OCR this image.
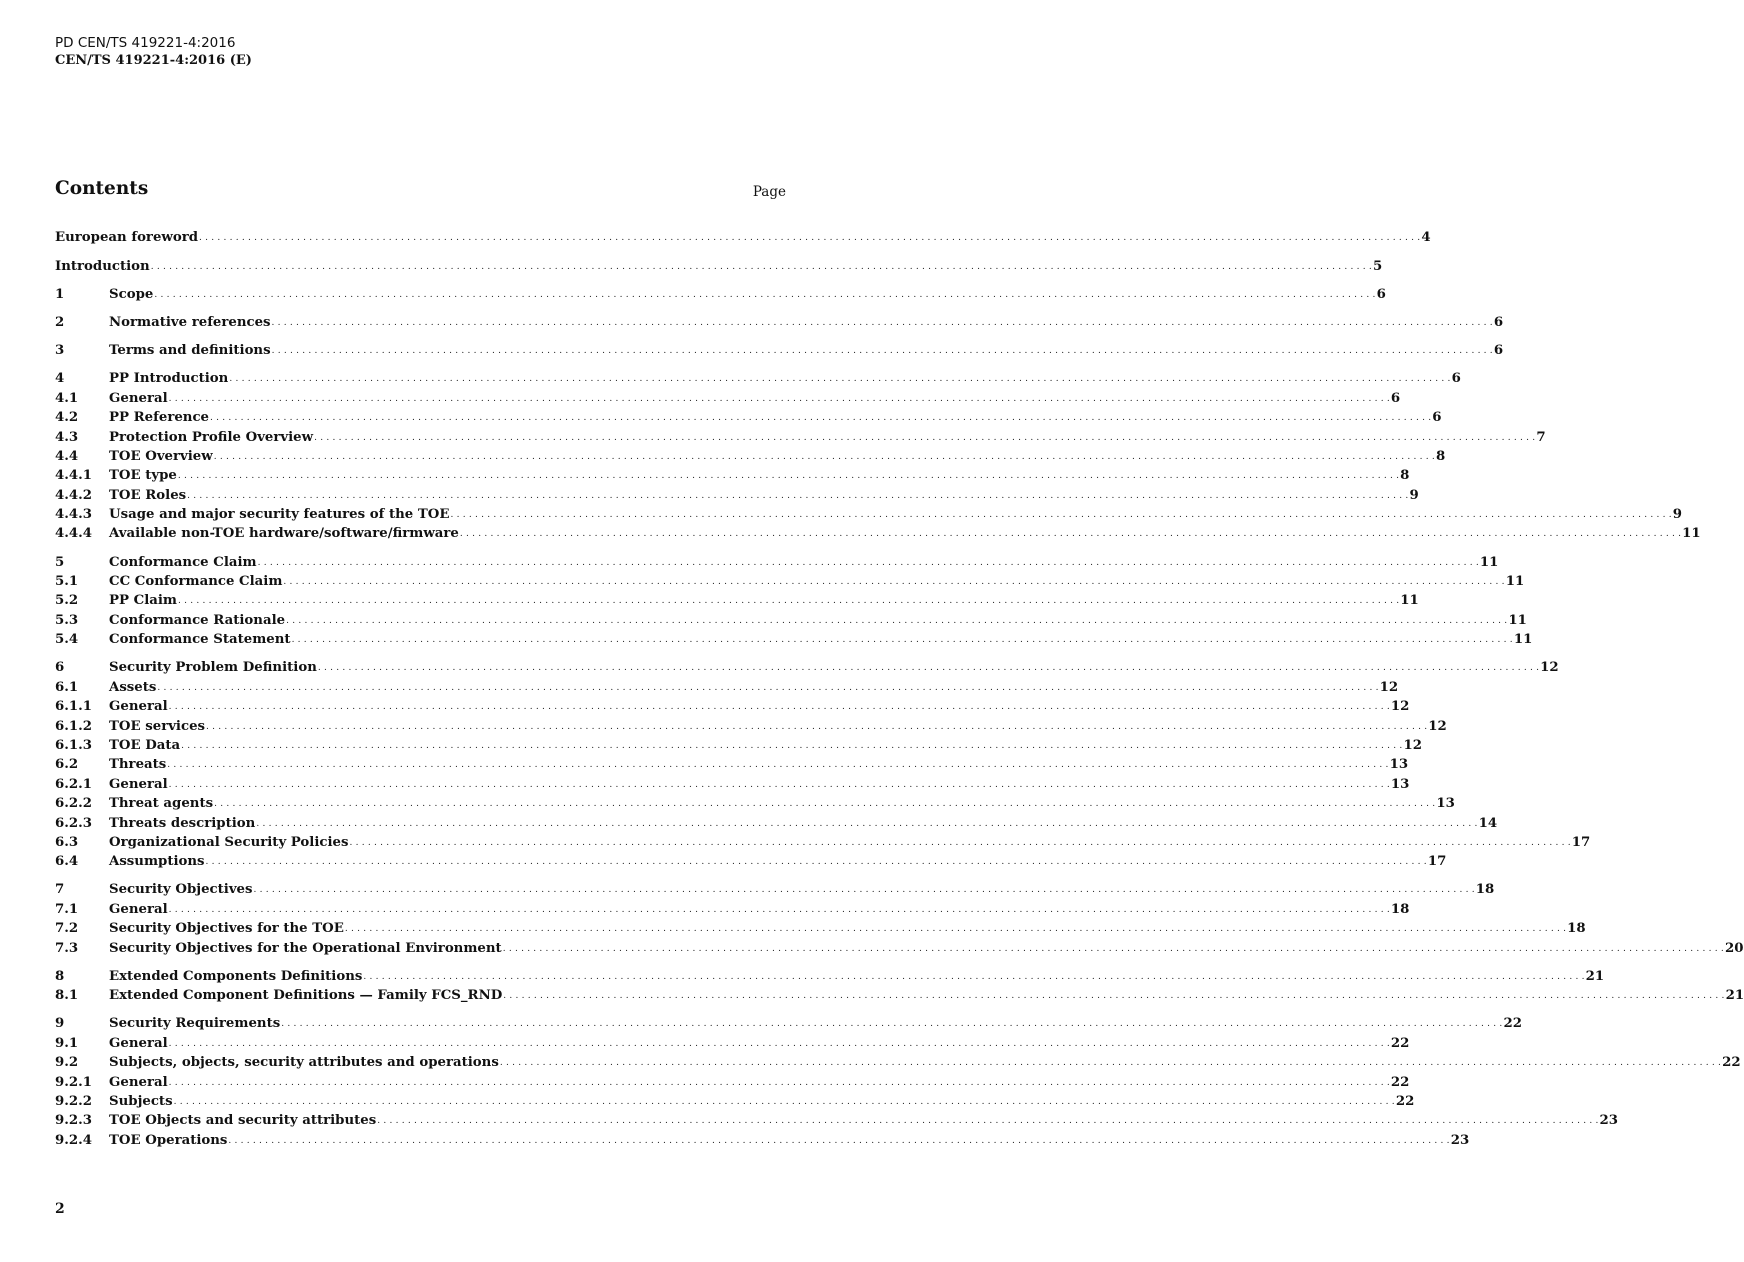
PD CEN/TS 419221-4:2016
CEN/TS 419221-4:2016 (E)
Contents	Page
European foreword . . . . . . . . . . . . . . . . . . . . . . . . . . . . . . . . . . . . . . . . . . . . . . . . . . . . . . . . . . . . . . . . . . . . . . . . . . . . . . . . . . . . . . . . . . . . . . . . . . . . . . . . . . . . . . . . . . . . . . . . . . . . . . . . . . . . . . . . . . . . . . . . . . . . . . . . . . . . . . . . . . . . . . . . . . . . . . . . . . . . . . . . . . . . . . . . . . . . . . . . 4
Introduction . . . . . . . . . . . . . . . . . . . . . . . . . . . . . . . . . . . . . . . . . . . . . . . . . . . . . . . . . . . . . . . . . . . . . . . . . . . . . . . . . . . . . . . . . . . . . . . . . . . . . . . . . . . . . . . . . . . . . . . . . . . . . . . . . . . . . . . . . . . . . . . . . . . . . . . . . . . . . . . . . . . . . . . . . . . . . . . . . . . . . . . . . . . . . . . . . . . . . . . . 5
1	Scope . . . . . . . . . . . . . . . . . . . . . . . . . . . . . . . . . . . . . . . . . . . . . . . . . . . . . . . . . . . . . . . . . . . . . . . . . . . . . . . . . . . . . . . . . . . . . . . . . . . . . . . . . . . . . . . . . . . . . . . . . . . . . . . . . . . . . . . . . . . . . . . . . . . . . . . . . . . . . . . . . . . . . . . . . . . . . . . . . . . . . . . . . . . . . . . . . . . . . . . . 6
2	Normative references . . . . . . . . . . . . . . . . . . . . . . . . . . . . . . . . . . . . . . . . . . . . . . . . . . . . . . . . . . . . . . . . . . . . . . . . . . . . . . . . . . . . . . . . . . . . . . . . . . . . . . . . . . . . . . . . . . . . . . . . . . . . . . . . . . . . . . . . . . . . . . . . . . . . . . . . . . . . . . . . . . . . . . . . . . . . . . . . . . . . . . . . . . . . . . . . . . . . . . . . 6
3	Terms and definitions . . . . . . . . . . . . . . . . . . . . . . . . . . . . . . . . . . . . . . . . . . . . . . . . . . . . . . . . . . . . . . . . . . . . . . . . . . . . . . . . . . . . . . . . . . . . . . . . . . . . . . . . . . . . . . . . . . . . . . . . . . . . . . . . . . . . . . . . . . . . . . . . . . . . . . . . . . . . . . . . . . . . . . . . . . . . . . . . . . . . . . . . . . . . . . . . . . . . . . . . 6
4	PP Introduction . . . . . . . . . . . . . . . . . . . . . . . . . . . . . . . . . . . . . . . . . . . . . . . . . . . . . . . . . . . . . . . . . . . . . . . . . . . . . . . . . . . . . . . . . . . . . . . . . . . . . . . . . . . . . . . . . . . . . . . . . . . . . . . . . . . . . . . . . . . . . . . . . . . . . . . . . . . . . . . . . . . . . . . . . . . . . . . . . . . . . . . . . . . . . . . . . . . . . . . . 6
4.1	General . . . . . . . . . . . . . . . . . . . . . . . . . . . . . . . . . . . . . . . . . . . . . . . . . . . . . . . . . . . . . . . . . . . . . . . . . . . . . . . . . . . . . . . . . . . . . . . . . . . . . . . . . . . . . . . . . . . . . . . . . . . . . . . . . . . . . . . . . . . . . . . . . . . . . . . . . . . . . . . . . . . . . . . . . . . . . . . . . . . . . . . . . . . . . . . . . . . . . . . . 6
4.2	PP Reference . . . . . . . . . . . . . . . . . . . . . . . . . . . . . . . . . . . . . . . . . . . . . . . . . . . . . . . . . . . . . . . . . . . . . . . . . . . . . . . . . . . . . . . . . . . . . . . . . . . . . . . . . . . . . . . . . . . . . . . . . . . . . . . . . . . . . . . . . . . . . . . . . . . . . . . . . . . . . . . . . . . . . . . . . . . . . . . . . . . . . . . . . . . . . . . . . . . . . . . . 6
4.3	Protection Profile Overview . . . . . . . . . . . . . . . . . . . . . . . . . . . . . . . . . . . . . . . . . . . . . . . . . . . . . . . . . . . . . . . . . . . . . . . . . . . . . . . . . . . . . . . . . . . . . . . . . . . . . . . . . . . . . . . . . . . . . . . . . . . . . . . . . . . . . . . . . . . . . . . . . . . . . . . . . . . . . . . . . . . . . . . . . . . . . . . . . . . . . . . . . . . . . . . . . . . . . . . . 7
4.4	TOE Overview . . . . . . . . . . . . . . . . . . . . . . . . . . . . . . . . . . . . . . . . . . . . . . . . . . . . . . . . . . . . . . . . . . . . . . . . . . . . . . . . . . . . . . . . . . . . . . . . . . . . . . . . . . . . . . . . . . . . . . . . . . . . . . . . . . . . . . . . . . . . . . . . . . . . . . . . . . . . . . . . . . . . . . . . . . . . . . . . . . . . . . . . . . . . . . . . . . . . . . . . 8
4.4.1	TOE type . . . . . . . . . . . . . . . . . . . . . . . . . . . . . . . . . . . . . . . . . . . . . . . . . . . . . . . . . . . . . . . . . . . . . . . . . . . . . . . . . . . . . . . . . . . . . . . . . . . . . . . . . . . . . . . . . . . . . . . . . . . . . . . . . . . . . . . . . . . . . . . . . . . . . . . . . . . . . . . . . . . . . . . . . . . . . . . . . . . . . . . . . . . . . . . . . . . . . . . . 8
4.4.2	TOE Roles . . . . . . . . . . . . . . . . . . . . . . . . . . . . . . . . . . . . . . . . . . . . . . . . . . . . . . . . . . . . . . . . . . . . . . . . . . . . . . . . . . . . . . . . . . . . . . . . . . . . . . . . . . . . . . . . . . . . . . . . . . . . . . . . . . . . . . . . . . . . . . . . . . . . . . . . . . . . . . . . . . . . . . . . . . . . . . . . . . . . . . . . . . . . . . . . . . . . . . . . 9
4.4.3	Usage and major security features of the TOE . . . . . . . . . . . . . . . . . . . . . . . . . . . . . . . . . . . . . . . . . . . . . . . . . . . . . . . . . . . . . . . . . . . . . . . . . . . . . . . . . . . . . . . . . . . . . . . . . . . . . . . . . . . . . . . . . . . . . . . . . . . . . . . . . . . . . . . . . . . . . . . . . . . . . . . . . . . . . . . . . . . . . . . . . . . . . . . . . . . . . . . . . . . . . . . . . . . . . . . . 9
4.4.4	Available non-TOE hardware/software/firmware . . . . . . . . . . . . . . . . . . . . . . . . . . . . . . . . . . . . . . . . . . . . . . . . . . . . . . . . . . . . . . . . . . . . . . . . . . . . . . . . . . . . . . . . . . . . . . . . . . . . . . . . . . . . . . . . . . . . . . . . . . . . . . . . . . . . . . . . . . . . . . . . . . . . . . . . . . . . . . . . . . . . . . . . . . . . . . . . . . . . . . . . . . . . . . . . . . . . . . . . 11
5	Conformance Claim . . . . . . . . . . . . . . . . . . . . . . . . . . . . . . . . . . . . . . . . . . . . . . . . . . . . . . . . . . . . . . . . . . . . . . . . . . . . . . . . . . . . . . . . . . . . . . . . . . . . . . . . . . . . . . . . . . . . . . . . . . . . . . . . . . . . . . . . . . . . . . . . . . . . . . . . . . . . . . . . . . . . . . . . . . . . . . . . . . . . . . . . . . . . . . . . . . . . . . . . 11
5.1	CC Conformance Claim . . . . . . . . . . . . . . . . . . . . . . . . . . . . . . . . . . . . . . . . . . . . . . . . . . . . . . . . . . . . . . . . . . . . . . . . . . . . . . . . . . . . . . . . . . . . . . . . . . . . . . . . . . . . . . . . . . . . . . . . . . . . . . . . . . . . . . . . . . . . . . . . . . . . . . . . . . . . . . . . . . . . . . . . . . . . . . . . . . . . . . . . . . . . . . . . . . . . . . . . 11
5.2	PP Claim . . . . . . . . . . . . . . . . . . . . . . . . . . . . . . . . . . . . . . . . . . . . . . . . . . . . . . . . . . . . . . . . . . . . . . . . . . . . . . . . . . . . . . . . . . . . . . . . . . . . . . . . . . . . . . . . . . . . . . . . . . . . . . . . . . . . . . . . . . . . . . . . . . . . . . . . . . . . . . . . . . . . . . . . . . . . . . . . . . . . . . . . . . . . . . . . . . . . . . . . 11
5.3	Conformance Rationale . . . . . . . . . . . . . . . . . . . . . . . . . . . . . . . . . . . . . . . . . . . . . . . . . . . . . . . . . . . . . . . . . . . . . . . . . . . . . . . . . . . . . . . . . . . . . . . . . . . . . . . . . . . . . . . . . . . . . . . . . . . . . . . . . . . . . . . . . . . . . . . . . . . . . . . . . . . . . . . . . . . . . . . . . . . . . . . . . . . . . . . . . . . . . . . . . . . . . . . . 11
5.4	Conformance Statement . . . . . . . . . . . . . . . . . . . . . . . . . . . . . . . . . . . . . . . . . . . . . . . . . . . . . . . . . . . . . . . . . . . . . . . . . . . . . . . . . . . . . . . . . . . . . . . . . . . . . . . . . . . . . . . . . . . . . . . . . . . . . . . . . . . . . . . . . . . . . . . . . . . . . . . . . . . . . . . . . . . . . . . . . . . . . . . . . . . . . . . . . . . . . . . . . . . . . . . . 11
6	Security Problem Definition . . . . . . . . . . . . . . . . . . . . . . . . . . . . . . . . . . . . . . . . . . . . . . . . . . . . . . . . . . . . . . . . . . . . . . . . . . . . . . . . . . . . . . . . . . . . . . . . . . . . . . . . . . . . . . . . . . . . . . . . . . . . . . . . . . . . . . . . . . . . . . . . . . . . . . . . . . . . . . . . . . . . . . . . . . . . . . . . . . . . . . . . . . . . . . . . . . . . . . . . 12
6.1	Assets . . . . . . . . . . . . . . . . . . . . . . . . . . . . . . . . . . . . . . . . . . . . . . . . . . . . . . . . . . . . . . . . . . . . . . . . . . . . . . . . . . . . . . . . . . . . . . . . . . . . . . . . . . . . . . . . . . . . . . . . . . . . . . . . . . . . . . . . . . . . . . . . . . . . . . . . . . . . . . . . . . . . . . . . . . . . . . . . . . . . . . . . . . . . . . . . . . . . . . . . 12
6.1.1	General . . . . . . . . . . . . . . . . . . . . . . . . . . . . . . . . . . . . . . . . . . . . . . . . . . . . . . . . . . . . . . . . . . . . . . . . . . . . . . . . . . . . . . . . . . . . . . . . . . . . . . . . . . . . . . . . . . . . . . . . . . . . . . . . . . . . . . . . . . . . . . . . . . . . . . . . . . . . . . . . . . . . . . . . . . . . . . . . . . . . . . . . . . . . . . . . . . . . . . . . 12
6.1.2	TOE services . . . . . . . . . . . . . . . . . . . . . . . . . . . . . . . . . . . . . . . . . . . . . . . . . . . . . . . . . . . . . . . . . . . . . . . . . . . . . . . . . . . . . . . . . . . . . . . . . . . . . . . . . . . . . . . . . . . . . . . . . . . . . . . . . . . . . . . . . . . . . . . . . . . . . . . . . . . . . . . . . . . . . . . . . . . . . . . . . . . . . . . . . . . . . . . . . . . . . . . . 12
6.1.3	TOE Data . . . . . . . . . . . . . . . . . . . . . . . . . . . . . . . . . . . . . . . . . . . . . . . . . . . . . . . . . . . . . . . . . . . . . . . . . . . . . . . . . . . . . . . . . . . . . . . . . . . . . . . . . . . . . . . . . . . . . . . . . . . . . . . . . . . . . . . . . . . . . . . . . . . . . . . . . . . . . . . . . . . . . . . . . . . . . . . . . . . . . . . . . . . . . . . . . . . . . . . . 12
6.2	Threats . . . . . . . . . . . . . . . . . . . . . . . . . . . . . . . . . . . . . . . . . . . . . . . . . . . . . . . . . . . . . . . . . . . . . . . . . . . . . . . . . . . . . . . . . . . . . . . . . . . . . . . . . . . . . . . . . . . . . . . . . . . . . . . . . . . . . . . . . . . . . . . . . . . . . . . . . . . . . . . . . . . . . . . . . . . . . . . . . . . . . . . . . . . . . . . . . . . . . . . . 13
6.2.1	General . . . . . . . . . . . . . . . . . . . . . . . . . . . . . . . . . . . . . . . . . . . . . . . . . . . . . . . . . . . . . . . . . . . . . . . . . . . . . . . . . . . . . . . . . . . . . . . . . . . . . . . . . . . . . . . . . . . . . . . . . . . . . . . . . . . . . . . . . . . . . . . . . . . . . . . . . . . . . . . . . . . . . . . . . . . . . . . . . . . . . . . . . . . . . . . . . . . . . . . . 13
6.2.2	Threat agents . . . . . . . . . . . . . . . . . . . . . . . . . . . . . . . . . . . . . . . . . . . . . . . . . . . . . . . . . . . . . . . . . . . . . . . . . . . . . . . . . . . . . . . . . . . . . . . . . . . . . . . . . . . . . . . . . . . . . . . . . . . . . . . . . . . . . . . . . . . . . . . . . . . . . . . . . . . . . . . . . . . . . . . . . . . . . . . . . . . . . . . . . . . . . . . . . . . . . . . . 13
6.2.3	Threats description . . . . . . . . . . . . . . . . . . . . . . . . . . . . . . . . . . . . . . . . . . . . . . . . . . . . . . . . . . . . . . . . . . . . . . . . . . . . . . . . . . . . . . . . . . . . . . . . . . . . . . . . . . . . . . . . . . . . . . . . . . . . . . . . . . . . . . . . . . . . . . . . . . . . . . . . . . . . . . . . . . . . . . . . . . . . . . . . . . . . . . . . . . . . . . . . . . . . . . . . 14
6.3	Organizational Security Policies . . . . . . . . . . . . . . . . . . . . . . . . . . . . . . . . . . . . . . . . . . . . . . . . . . . . . . . . . . . . . . . . . . . . . . . . . . . . . . . . . . . . . . . . . . . . . . . . . . . . . . . . . . . . . . . . . . . . . . . . . . . . . . . . . . . . . . . . . . . . . . . . . . . . . . . . . . . . . . . . . . . . . . . . . . . . . . . . . . . . . . . . . . . . . . . . . . . . . . . . 17
6.4	Assumptions . . . . . . . . . . . . . . . . . . . . . . . . . . . . . . . . . . . . . . . . . . . . . . . . . . . . . . . . . . . . . . . . . . . . . . . . . . . . . . . . . . . . . . . . . . . . . . . . . . . . . . . . . . . . . . . . . . . . . . . . . . . . . . . . . . . . . . . . . . . . . . . . . . . . . . . . . . . . . . . . . . . . . . . . . . . . . . . . . . . . . . . . . . . . . . . . . . . . . . . . 17
7	Security Objectives . . . . . . . . . . . . . . . . . . . . . . . . . . . . . . . . . . . . . . . . . . . . . . . . . . . . . . . . . . . . . . . . . . . . . . . . . . . . . . . . . . . . . . . . . . . . . . . . . . . . . . . . . . . . . . . . . . . . . . . . . . . . . . . . . . . . . . . . . . . . . . . . . . . . . . . . . . . . . . . . . . . . . . . . . . . . . . . . . . . . . . . . . . . . . . . . . . . . . . . . 18
7.1	General . . . . . . . . . . . . . . . . . . . . . . . . . . . . . . . . . . . . . . . . . . . . . . . . . . . . . . . . . . . . . . . . . . . . . . . . . . . . . . . . . . . . . . . . . . . . . . . . . . . . . . . . . . . . . . . . . . . . . . . . . . . . . . . . . . . . . . . . . . . . . . . . . . . . . . . . . . . . . . . . . . . . . . . . . . . . . . . . . . . . . . . . . . . . . . . . . . . . . . . . 18
7.2	Security Objectives for the TOE . . . . . . . . . . . . . . . . . . . . . . . . . . . . . . . . . . . . . . . . . . . . . . . . . . . . . . . . . . . . . . . . . . . . . . . . . . . . . . . . . . . . . . . . . . . . . . . . . . . . . . . . . . . . . . . . . . . . . . . . . . . . . . . . . . . . . . . . . . . . . . . . . . . . . . . . . . . . . . . . . . . . . . . . . . . . . . . . . . . . . . . . . . . . . . . . . . . . . . . . 18
7.3	Security Objectives for the Operational Environment . . . . . . . . . . . . . . . . . . . . . . . . . . . . . . . . . . . . . . . . . . . . . . . . . . . . . . . . . . . . . . . . . . . . . . . . . . . . . . . . . . . . . . . . . . . . . . . . . . . . . . . . . . . . . . . . . . . . . . . . . . . . . . . . . . . . . . . . . . . . . . . . . . . . . . . . . . . . . . . . . . . . . . . . . . . . . . . . . . . . . . . . . . . . . . . . . . . . . . . . 20
8	Extended Components Definitions . . . . . . . . . . . . . . . . . . . . . . . . . . . . . . . . . . . . . . . . . . . . . . . . . . . . . . . . . . . . . . . . . . . . . . . . . . . . . . . . . . . . . . . . . . . . . . . . . . . . . . . . . . . . . . . . . . . . . . . . . . . . . . . . . . . . . . . . . . . . . . . . . . . . . . . . . . . . . . . . . . . . . . . . . . . . . . . . . . . . . . . . . . . . . . . . . . . . . . . . 21
8.1	Extended Component Definitions — Family FCS_RND . . . . . . . . . . . . . . . . . . . . . . . . . . . . . . . . . . . . . . . . . . . . . . . . . . . . . . . . . . . . . . . . . . . . . . . . . . . . . . . . . . . . . . . . . . . . . . . . . . . . . . . . . . . . . . . . . . . . . . . . . . . . . . . . . . . . . . . . . . . . . . . . . . . . . . . . . . . . . . . . . . . . . . . . . . . . . . . . . . . . . . . . . . . . . . . . . . . . . . . . 21
9	Security Requirements . . . . . . . . . . . . . . . . . . . . . . . . . . . . . . . . . . . . . . . . . . . . . . . . . . . . . . . . . . . . . . . . . . . . . . . . . . . . . . . . . . . . . . . . . . . . . . . . . . . . . . . . . . . . . . . . . . . . . . . . . . . . . . . . . . . . . . . . . . . . . . . . . . . . . . . . . . . . . . . . . . . . . . . . . . . . . . . . . . . . . . . . . . . . . . . . . . . . . . . . 22
9.1	General . . . . . . . . . . . . . . . . . . . . . . . . . . . . . . . . . . . . . . . . . . . . . . . . . . . . . . . . . . . . . . . . . . . . . . . . . . . . . . . . . . . . . . . . . . . . . . . . . . . . . . . . . . . . . . . . . . . . . . . . . . . . . . . . . . . . . . . . . . . . . . . . . . . . . . . . . . . . . . . . . . . . . . . . . . . . . . . . . . . . . . . . . . . . . . . . . . . . . . . . 22
9.2	Subjects, objects, security attributes and operations . . . . . . . . . . . . . . . . . . . . . . . . . . . . . . . . . . . . . . . . . . . . . . . . . . . . . . . . . . . . . . . . . . . . . . . . . . . . . . . . . . . . . . . . . . . . . . . . . . . . . . . . . . . . . . . . . . . . . . . . . . . . . . . . . . . . . . . . . . . . . . . . . . . . . . . . . . . . . . . . . . . . . . . . . . . . . . . . . . . . . . . . . . . . . . . . . . . . . . . . 22
9.2.1	General . . . . . . . . . . . . . . . . . . . . . . . . . . . . . . . . . . . . . . . . . . . . . . . . . . . . . . . . . . . . . . . . . . . . . . . . . . . . . . . . . . . . . . . . . . . . . . . . . . . . . . . . . . . . . . . . . . . . . . . . . . . . . . . . . . . . . . . . . . . . . . . . . . . . . . . . . . . . . . . . . . . . . . . . . . . . . . . . . . . . . . . . . . . . . . . . . . . . . . . . 22
9.2.2	Subjects . . . . . . . . . . . . . . . . . . . . . . . . . . . . . . . . . . . . . . . . . . . . . . . . . . . . . . . . . . . . . . . . . . . . . . . . . . . . . . . . . . . . . . . . . . . . . . . . . . . . . . . . . . . . . . . . . . . . . . . . . . . . . . . . . . . . . . . . . . . . . . . . . . . . . . . . . . . . . . . . . . . . . . . . . . . . . . . . . . . . . . . . . . . . . . . . . . . . . . . . 22
9.2.3	TOE Objects and security attributes . . . . . . . . . . . . . . . . . . . . . . . . . . . . . . . . . . . . . . . . . . . . . . . . . . . . . . . . . . . . . . . . . . . . . . . . . . . . . . . . . . . . . . . . . . . . . . . . . . . . . . . . . . . . . . . . . . . . . . . . . . . . . . . . . . . . . . . . . . . . . . . . . . . . . . . . . . . . . . . . . . . . . . . . . . . . . . . . . . . . . . . . . . . . . . . . . . . . . . . . 23
9.2.4	TOE Operations . . . . . . . . . . . . . . . . . . . . . . . . . . . . . . . . . . . . . . . . . . . . . . . . . . . . . . . . . . . . . . . . . . . . . . . . . . . . . . . . . . . . . . . . . . . . . . . . . . . . . . . . . . . . . . . . . . . . . . . . . . . . . . . . . . . . . . . . . . . . . . . . . . . . . . . . . . . . . . . . . . . . . . . . . . . . . . . . . . . . . . . . . . . . . . . . . . . . . . . . 23
2
